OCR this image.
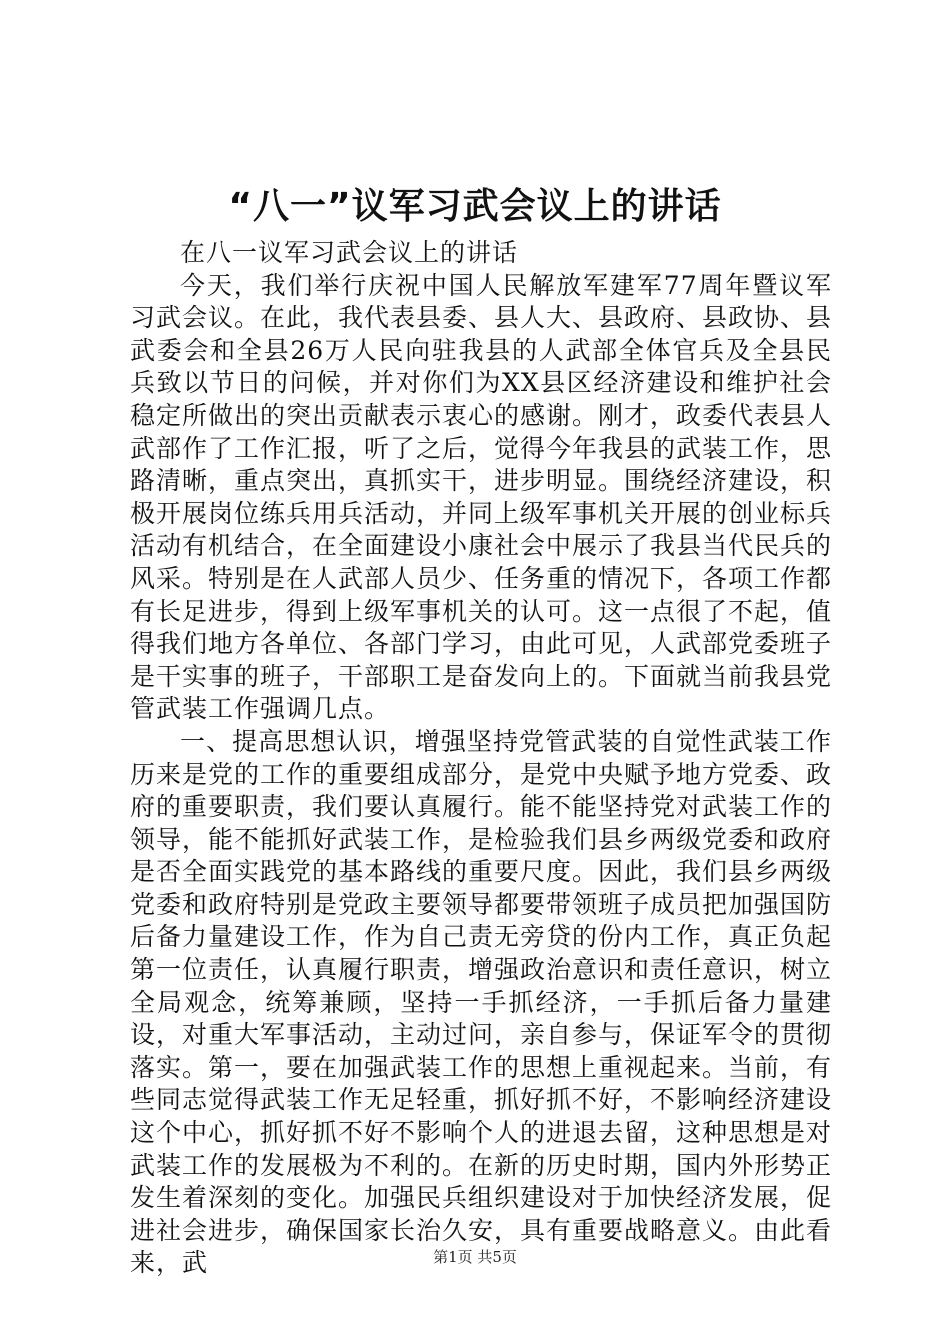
“八一”议军习武会议上的讲话

在八一议军习武会议上的讲话

今天，我们举行庆祝中国人民解放军建军77周年暨议军习武会议。在此，我代表县委、县人大、县政府、县政协、县武委会和全县26万人民向驻我县的人武部全体官兵及全县民兵致以节日的问候，并对你们为XX县区经济建设和维护社会稳定所做出的突出贡献表示衷心的感谢。刚才，政委代表县人武部作了工作汇报，听了之后，觉得今年我县的武装工作，思路清晰，重点突出，真抓实干，进步明显。围绕经济建设，积极开展岗位练兵用兵活动，并同上级军事机关开展的创业标兵活动有机结合，在全面建设小康社会中展示了我县当代民兵的风采。特别是在人武部人员少、任务重的情况下，各项工作都有长足进步，得到上级军事机关的认可。这一点很了不起，值得我们地方各单位、各部门学习，由此可见，人武部党委班子是干实事的班子，干部职工是奋发向上的。下面就当前我县党管武装工作强调几点。

一、提高思想认识，增强坚持党管武装的自觉性武装工作历来是党的工作的重要组成部分，是党中央赋予地方党委、政府的重要职责，我们要认真履行。能不能坚持党对武装工作的领导，能不能抓好武装工作，是检验我们县乡两级党委和政府是否全面实践党的基本路线的重要尺度。因此，我们县乡两级党委和政府特别是党政主要领导都要带领班子成员把加强国防后备力量建设工作，作为自己责无旁贷的份内工作，真正负起第一位责任，认真履行职责，增强政治意识和责任意识，树立全局观念，统筹兼顾，坚持一手抓经济，一手抓后备力量建设，对重大军事活动，主动过问，亲自参与，保证军令的贯彻落实。第一，要在加强武装工作的思想上重视起来。当前，有些同志觉得武装工作无足轻重，抓好抓不好，不影响经济建设这个中心，抓好抓不好不影响个人的进退去留，这种思想是对武装工作的发展极为不利的。在新的历史时期，国内外形势正发生着深刻的变化。加强民兵组织建设对于加快经济发展，促进社会进步，确保国家长治久安，具有重要战略意义。由此看来，武	第1页 共5页
